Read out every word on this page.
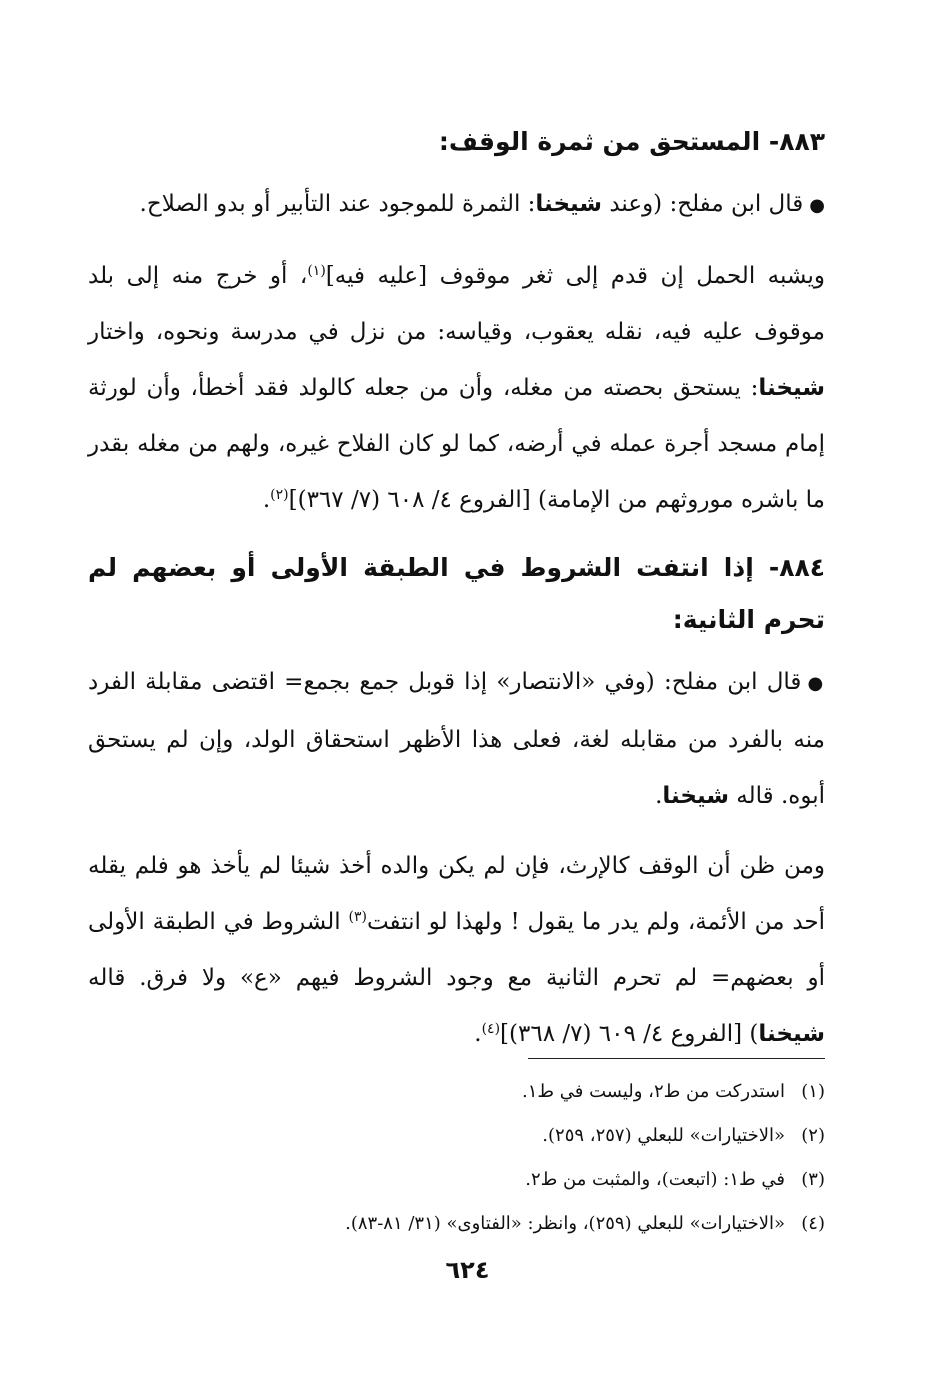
٨٨٣- المستحق من ثمرة الوقف:

●قال ابن مفلح: (وعند شيخنا: الثمرة للموجود عند التأبير أو بدو الصلاح.

ويشبه الحمل إن قدم إلى ثغر موقوف [عليه فيه]$^{(١)}$، أو خرج منه إلى بلد موقوف عليه فيه، نقله يعقوب، وقياسه: من نزل في مدرسة ونحوه، واختار شيخنا: يستحق بحصته من مغله، وأن من جعله كالولد فقد أخطأ، وأن لورثة إمام مسجد أجرة عمله في أرضه، كما لو كان الفلاح غيره، ولهم من مغله بقدر ما باشره موروثهم من الإمامة) [الفروع ٤/ ٦٠٨ (٧/ ٣٦٧)]$^{(٢)}$.

٨٨٤- إذا انتفت الشروط في الطبقة الأولى أو بعضهم لم تحرم الثانية:

●قال ابن مفلح: (وفي «الانتصار» إذا قوبل جمع بجمع= اقتضى مقابلة الفرد منه بالفرد من مقابله لغة، فعلى هذا الأظهر استحقاق الولد، وإن لم يستحق أبوه. قاله شيخنا.

ومن ظن أن الوقف كالإرث، فإن لم يكن والده أخذ شيئا لم يأخذ هو فلم يقله أحد من الأئمة، ولم يدر ما يقول ! ولهذا لو انتفت$^{(٣)}$ الشروط في الطبقة الأولى أو بعضهم= لم تحرم الثانية مع وجود الشروط فيهم «ع» ولا فرق. قاله شيخنا) [الفروع ٤/ ٦٠٩ (٧/ ٣٦٨)]$^{(٤)}$.

(١)استدركت من ط٢، وليست في ط١.
(٢)«الاختيارات» للبعلي (٢٥٧، ٢٥٩).
(٣)في ط١: (اتبعت)، والمثبت من ط٢.
(٤)«الاختيارات» للبعلي (٢٥٩)، وانظر: «الفتاوى» (٣١/ ٨١-٨٣).
٦٢٤
